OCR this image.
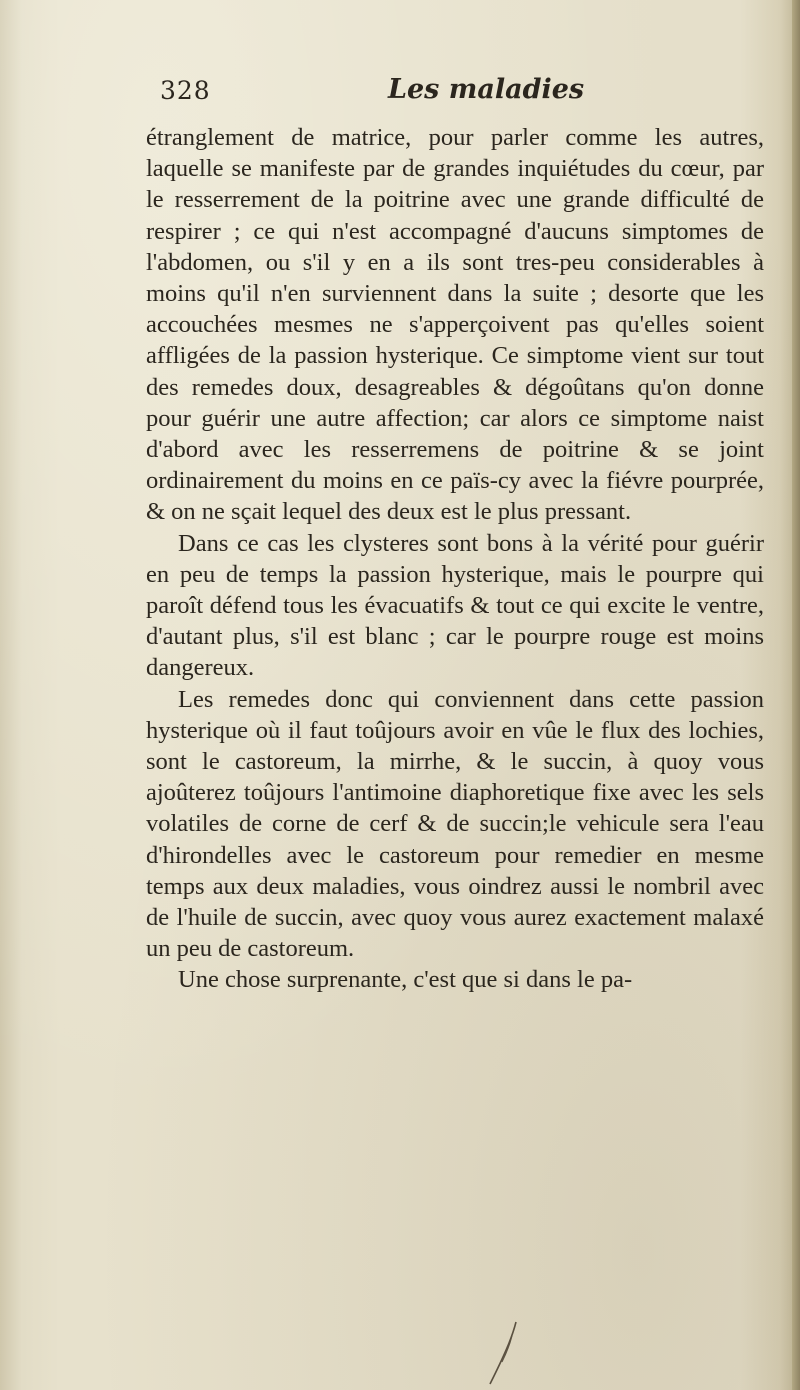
328	Les maladies

étranglement de matrice, pour parler comme les autres, laquelle se manifeste par de grandes inquiétudes du cœur, par le resserrement de la poitrine avec une grande difficulté de respirer ; ce qui n'est accompagné d'aucuns simptomes de l'abdomen, ou s'il y en a ils sont tres-peu considerables à moins qu'il n'en surviennent dans la suite ; desorte que les accouchées mesmes ne s'apperçoivent pas qu'elles soient affligées de la passion hysterique. Ce simptome vient sur tout des remedes doux, desagreables & dégoûtans qu'on donne pour guérir une autre affection; car alors ce simptome naist d'abord avec les resserremens de poitrine & se joint ordinairement du moins en ce païs-cy avec la fiévre pourprée, & on ne sçait lequel des deux est le plus pressant.

Dans ce cas les clysteres sont bons à la vérité pour guérir en peu de temps la passion hysterique, mais le pourpre qui paroît défend tous les évacuatifs & tout ce qui excite le ventre, d'autant plus, s'il est blanc ; car le pourpre rouge est moins dangereux.

Les remedes donc qui conviennent dans cette passion hysterique où il faut toûjours avoir en vûe le flux des lochies, sont le castoreum, la mirrhe, & le succin, à quoy vous ajoûterez toûjours l'antimoine diaphoretique fixe avec les sels volatiles de corne de cerf & de succin;le vehicule sera l'eau d'hirondelles avec le castoreum pour remedier en mesme temps aux deux maladies, vous oindrez aussi le nombril avec de l'huile de succin, avec quoy vous aurez exactement malaxé un peu de castoreum.

Une chose surprenante, c'est que si dans le pa-
